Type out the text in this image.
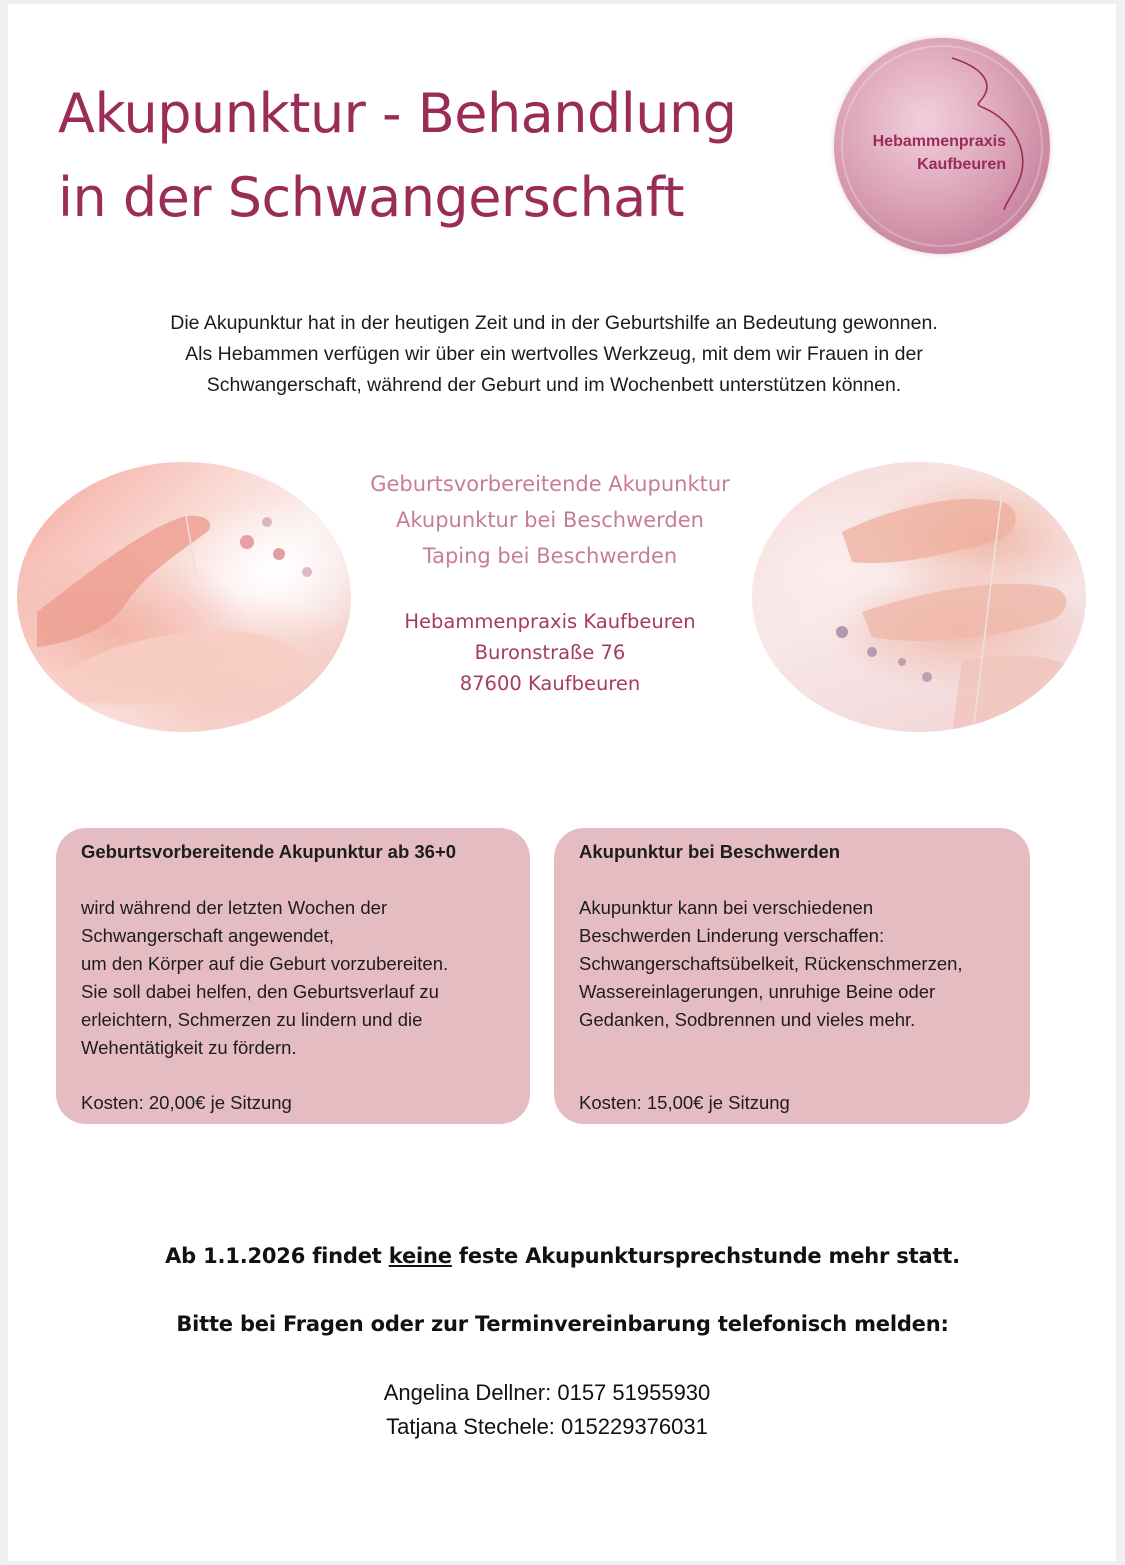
Akupunktur - Behandlung
in der Schwangerschaft
Hebammenpraxis
Kaufbeuren

Die Akupunktur hat in der heutigen Zeit und in der Geburtshilfe an Bedeutung gewonnen.
Als Hebammen verfügen wir über ein wertvolles Werkzeug, mit dem wir Frauen in der
Schwangerschaft, während der Geburt und im Wochenbett unterstützen können.

Geburtsvorbereitende Akupunktur
Akupunktur bei Beschwerden
Taping bei Beschwerden
Hebammenpraxis Kaufbeuren
Buronstraße 76
87600 Kaufbeuren

Geburtsvorbereitende Akupunktur ab 36+0

wird während der letzten Wochen der
Schwangerschaft angewendet,
um den Körper auf die Geburt vorzubereiten.
Sie soll dabei helfen, den Geburtsverlauf zu
erleichtern, Schmerzen zu lindern und die
Wehentätigkeit zu fördern.
Kosten: 20,00€ je Sitzung

Akupunktur bei Beschwerden

Akupunktur kann bei verschiedenen
Beschwerden Linderung verschaffen:
Schwangerschaftsübelkeit, Rückenschmerzen,
Wassereinlagerungen, unruhige Beine oder
Gedanken, Sodbrennen und vieles mehr.
Kosten: 15,00€ je Sitzung
Ab 1.1.2026 findet keine feste Akupunktursprechstunde mehr statt.
Bitte bei Fragen oder zur Terminvereinbarung telefonisch melden:
Angelina Dellner: 0157 51955930
Tatjana Stechele: 015229376031
